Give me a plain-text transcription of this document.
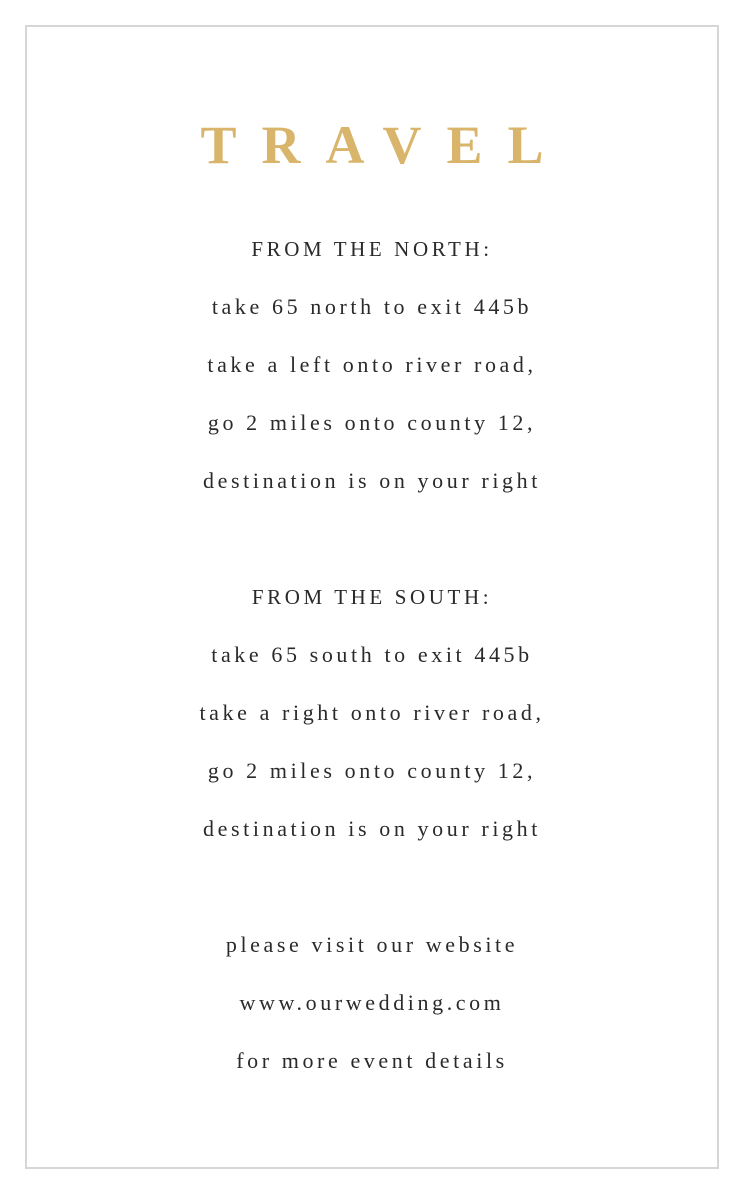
TRAVEL
FROM THE NORTH:
take 65 north to exit 445b
take a left onto river road,
go 2 miles onto county 12,
destination is on your right
FROM THE SOUTH:
take 65 south to exit 445b
take a right onto river road,
go 2 miles onto county 12,
destination is on your right
please visit our website
www.ourwedding.com
for more event details
